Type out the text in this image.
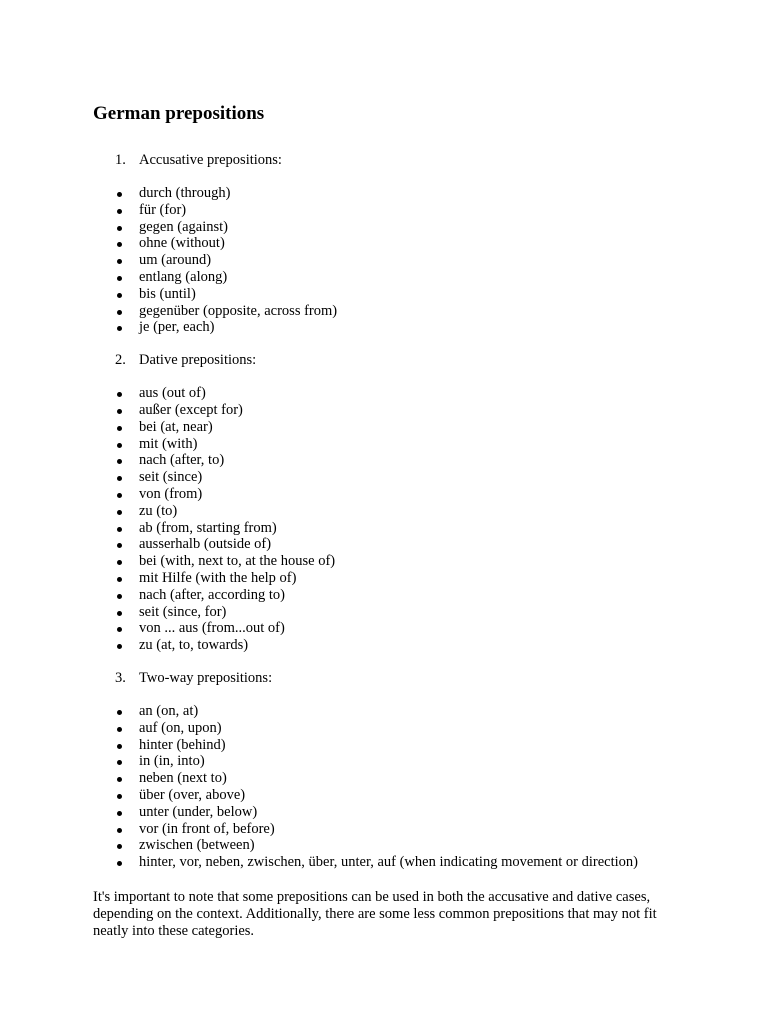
German prepositions
1. Accusative prepositions:
durch (through)
für (for)
gegen (against)
ohne (without)
um (around)
entlang (along)
bis (until)
gegenüber (opposite, across from)
je (per, each)
2. Dative prepositions:
aus (out of)
außer (except for)
bei (at, near)
mit (with)
nach (after, to)
seit (since)
von (from)
zu (to)
ab (from, starting from)
ausserhalb (outside of)
bei (with, next to, at the house of)
mit Hilfe (with the help of)
nach (after, according to)
seit (since, for)
von ... aus (from...out of)
zu (at, to, towards)
3. Two-way prepositions:
an (on, at)
auf (on, upon)
hinter (behind)
in (in, into)
neben (next to)
über (over, above)
unter (under, below)
vor (in front of, before)
zwischen (between)
hinter, vor, neben, zwischen, über, unter, auf (when indicating movement or direction)

It's important to note that some prepositions can be used in both the accusative and dative cases, depending on the context. Additionally, there are some less common prepositions that may not fit neatly into these categories.
